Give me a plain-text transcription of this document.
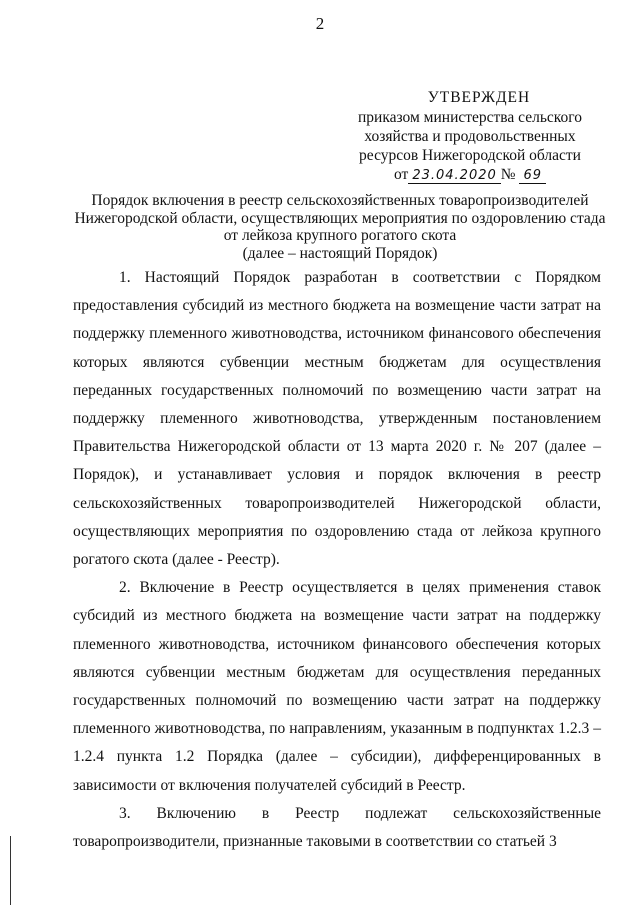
2
УТВЕРЖДЕН
приказом министерства сельского
хозяйства и продовольственных
ресурсов Нижегородской области
от 23.04.2020 № 69
Порядок включения в реестр сельскохозяйственных товаропроизводителей
Нижегородской области, осуществляющих мероприятия по оздоровлению стада
от лейкоза крупного рогатого скота
(далее – настоящий Порядок)

1. Настоящий Порядок разработан в соответствии с Порядком предоставления субсидий из местного бюджета на возмещение части затрат на поддержку племенного животноводства, источником финансового обеспечения которых являются субвенции местным бюджетам для осуществления переданных государственных полномочий по возмещению части затрат на поддержку племенного животноводства, утвержденным постановлением Правительства Нижегородской области от 13 марта 2020 г. № 207 (далее – Порядок), и устанавливает условия и порядок включения в реестр сельскохозяйственных товаропроизводителей Нижегородской области, осуществляющих мероприятия по оздоровлению стада от лейкоза крупного рогатого скота (далее - Реестр).

2. Включение в Реестр осуществляется в целях применения ставок субсидий из местного бюджета на возмещение части затрат на поддержку племенного животноводства, источником финансового обеспечения которых являются субвенции местным бюджетам для осуществления переданных государственных полномочий по возмещению части затрат на поддержку племенного животноводства, по направлениям, указанным в подпунктах 1.2.3 – 1.2.4 пункта 1.2 Порядка (далее – субсидии), дифференцированных в зависимости от включения получателей субсидий в Реестр.

3. Включению в Реестр подлежат сельскохозяйственные товаропроизводители, признанные таковыми в соответствии со статьей 3
